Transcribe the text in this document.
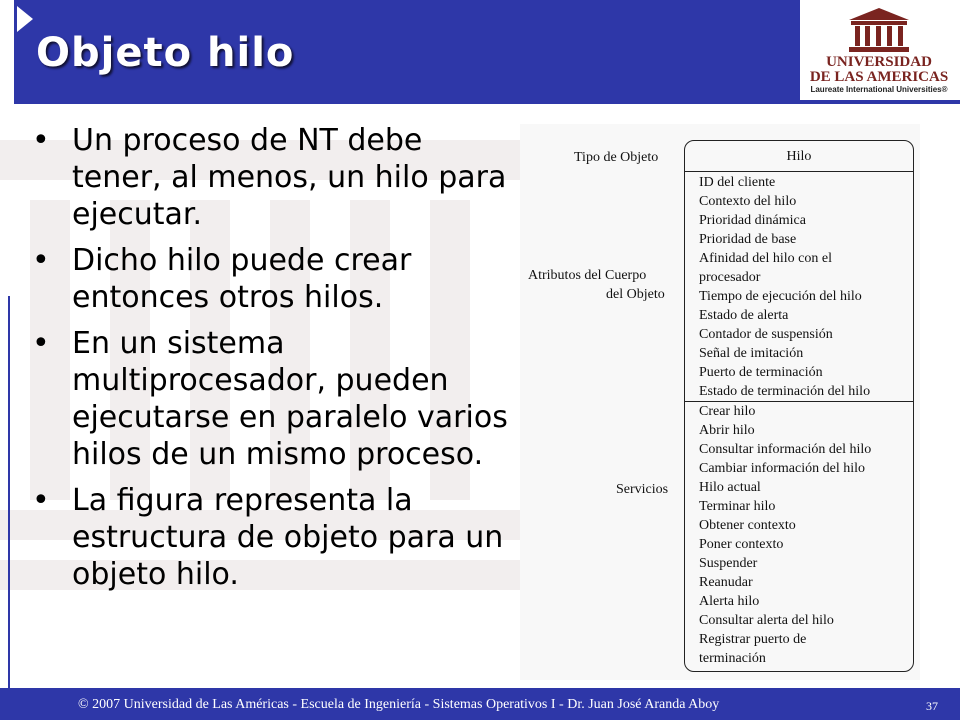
Objeto hilo	UNIVERSIDAD
DE LAS AMERICAS
Laureate International Universities®
• Un proceso de NT debe tener, al menos, un hilo para ejecutar.
• Dicho hilo puede crear entonces otros hilos.
• En un sistema multiprocesador, pueden ejecutarse en paralelo varios hilos de un mismo proceso.
• La figura representa la estructura de objeto para un objeto hilo.
Tipo de Objeto
Atributos del Cuerpo
del Objeto
Servicios
Hilo
ID del cliente
Contexto del hilo
Prioridad dinámica
Prioridad de base
Afinidad del hilo con el
procesador
Tiempo de ejecución del hilo
Estado de alerta
Contador de suspensión
Señal de imitación
Puerto de terminación
Estado de terminación del hilo
Crear hilo
Abrir hilo
Consultar información del hilo
Cambiar información del hilo
Hilo actual
Terminar hilo
Obtener contexto
Poner contexto
Suspender
Reanudar
Alerta hilo
Consultar alerta del hilo
Registrar puerto de
terminación
© 2007 Universidad de Las Américas - Escuela de Ingeniería - Sistemas Operativos I - Dr. Juan José Aranda Aboy	37
